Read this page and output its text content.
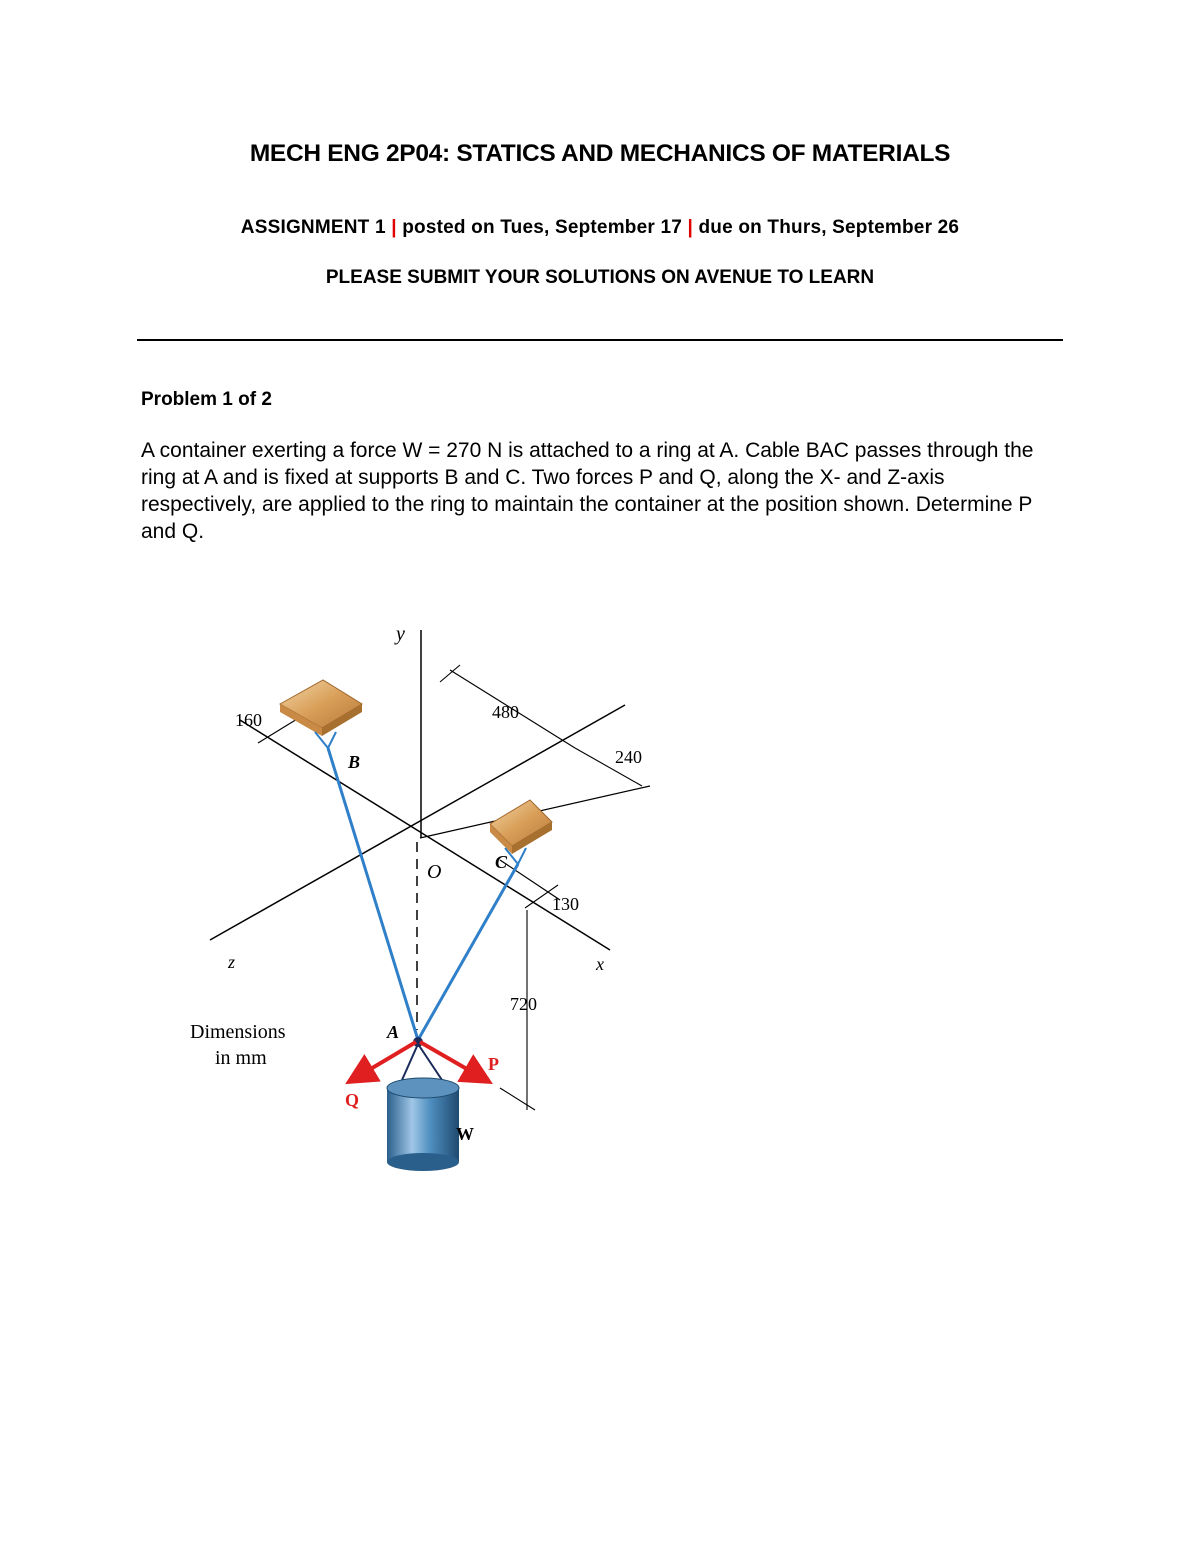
MECH ENG 2P04: STATICS AND MECHANICS OF MATERIALS
ASSIGNMENT 1 | posted on Tues, September 17 | due on Thurs, September 26
PLEASE SUBMIT YOUR SOLUTIONS ON AVENUE TO LEARN
Problem 1 of 2
A container exerting a force W = 270 N is attached to a ring at A. Cable BAC passes through the ring at A and is fixed at supports B and C. Two forces P and Q, along the X- and Z-axis respectively, are applied to the ring to maintain the container at the position shown. Determine P and Q.
y
x
z
O
A
B
C
P
Q
W
160	480
240
130
720
Dimensions
in mm
